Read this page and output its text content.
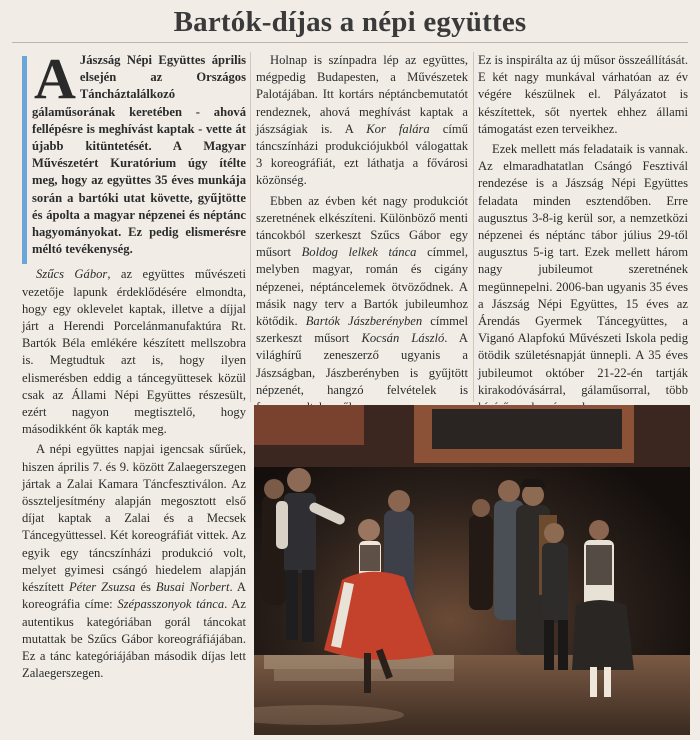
Bartók-díjas a népi együttes

A Jászság Népi Együttes április elsején az Országos Táncháztalálkozó gálaműsorának keretében - ahová fellépésre is meghívást kaptak - vette át újabb kitüntetését. A Magyar Művészetért Kuratórium úgy ítélte meg, hogy az együttes 35 éves munkája során a bartóki utat követte, gyűjtötte és ápolta a magyar népzenei és néptánc hagyományokat. Ez pedig elismerésre méltó tevékenység.

Szűcs Gábor, az együttes művészeti vezetője lapunk érdeklődésére elmondta, hogy egy oklevelet kaptak, illetve a díjjal járt a Herendi Porcelánmanufaktúra Rt. Bartók Béla emlékére készített mellszobra is. Megtudtuk azt is, hogy ilyen elismerésben eddig a táncegyüttesek közül csak az Állami Népi Együttes részesült, ezért nagyon megtisztelő, hogy másodikként ők kapták meg.

A népi együttes napjai igencsak sűrűek, hiszen április 7. és 9. között Zalaegerszegen jártak a Zalai Kamara Táncfesztiválon. Az összteljesítmény alapján megosztott első díjat kaptak a Zalai és a Mecsek Táncegyüttessel. Két koreográfiát vittek. Az egyik egy táncszínházi produkció volt, melyet gyimesi csángó hiedelem alapján készített Péter Zsuzsa és Busai Norbert. A koreográfia címe: Szépasszonyok tánca. Az autentikus kategóriában gorál táncokat mutattak be Szűcs Gábor koreográfiájában. Ez a tánc kategóriájában második díjas lett Zalaegerszegen.

Holnap is színpadra lép az együttes, mégpedig Budapesten, a Művészetek Palotájában. Itt kortárs néptáncbemutatót rendeznek, ahová meghívást kaptak a jászságiak is. A Kor falára című táncszínházi produkciójukból válogattak 3 koreográfiát, ezt láthatja a fővárosi közönség.

Ebben az évben két nagy produkciót szeretnének elkészíteni. Különböző menti táncokból szerkeszt Szűcs Gábor egy műsort Boldog lelkek tánca címmel, melyben magyar, román és cigány népzenei, néptáncelemek ötvöződnek. A másik nagy terv a Bartók jubileumhoz kötődik. Bartók Jászberényben címmel szerkeszt műsort Kocsán László. A világhírű zeneszerző ugyanis a Jászságban, Jászberényben is gyűjtött népzenét, hangzó felvételek is

Ez is inspirálta az új műsor összeállítását. E két nagy munkával várhatóan az év végére készülnek el. Pályázatot is készítettek, sőt nyertek ehhez állami támogatást ezen terveikhez.

Ezek mellett más feladataik is vannak. Az elmaradhatatlan Csángó Fesztivál rendezése is a Jászság Népi Együttes feladata minden esztendőben. Erre augusztus 3-8-ig kerül sor, a nemzetközi népzenei és néptánc tábor július 29-től augusztus 5-ig tart. Ezek mellett három nagy jubileumot szeretnének megünnepelni. 2006-ban ugyanis 35 éves a Jászság Népi Együttes, 15 éves az Árendás Gyermek Táncegyüttes, a Viganó Alapfokú Művészeti Iskola pedig ötödik születésnapját ünnepli. A 35 éves jubileumot október 21-22-én tartják kirakodóvásárral, gálaműsorral, több
